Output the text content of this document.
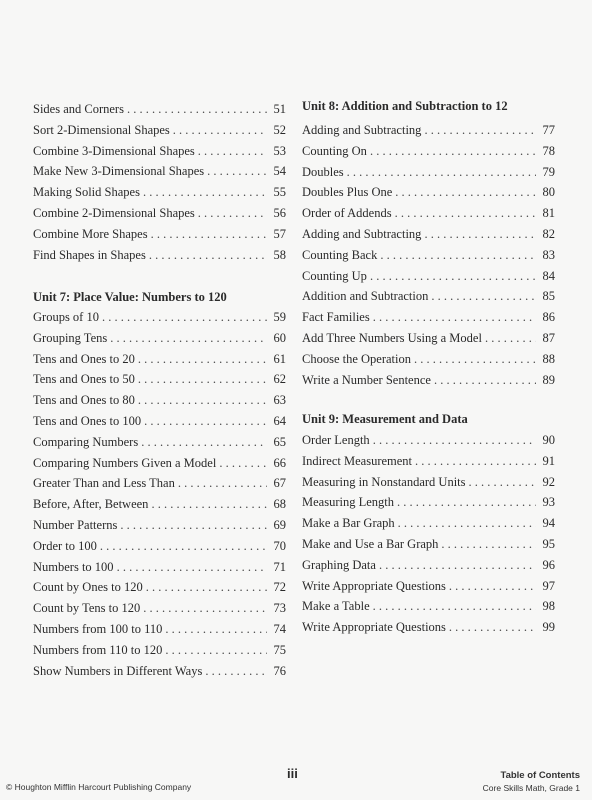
Sides and Corners . . .	51
Sort 2-Dimensional Shapes . . .	52
Combine 3-Dimensional Shapes . . .	53
Make New 3-Dimensional Shapes . . .	54
Making Solid Shapes . . .	55
Combine 2-Dimensional Shapes . . .	56
Combine More Shapes . . .	57
Find Shapes in Shapes . . .	58
Unit 7: Place Value: Numbers to 120
Groups of 10 . . .	59
Grouping Tens . . .	60
Tens and Ones to 20 . . .	61
Tens and Ones to 50 . . .	62
Tens and Ones to 80 . . .	63
Tens and Ones to 100 . . .	64
Comparing Numbers . . .	65
Comparing Numbers Given a Model . . .	66
Greater Than and Less Than . . .	67
Before, After, Between . . .	68
Number Patterns . . .	69
Order to 100 . . .	70
Numbers to 100 . . .	71
Count by Ones to 120 . . .	72
Count by Tens to 120 . . .	73
Numbers from 100 to 110 . . .	74
Numbers from 110 to 120 . . .	75
Show Numbers in Different Ways . . .	76
Unit 8: Addition and Subtraction to 12
Adding and Subtracting . . .	77
Counting On . . .	78
Doubles . . .	79
Doubles Plus One . . .	80
Order of Addends . . .	81
Adding and Subtracting . . .	82
Counting Back . . .	83
Counting Up . . .	84
Addition and Subtraction . . .	85
Fact Families . . .	86
Add Three Numbers Using a Model . . .	87
Choose the Operation . . .	88
Write a Number Sentence . . .	89
Unit 9: Measurement and Data
Order Length . . .	90
Indirect Measurement . . .	91
Measuring in Nonstandard Units . . .	92
Measuring Length . . .	93
Make a Bar Graph . . .	94
Make and Use a Bar Graph . . .	95
Graphing Data . . .	96
Write Appropriate Questions . . .	97
Make a Table . . .	98
Write Appropriate Questions . . .	99
© Houghton Mifflin Harcourt Publishing Company
iii	Table of Contents
Core Skills Math, Grade 1
